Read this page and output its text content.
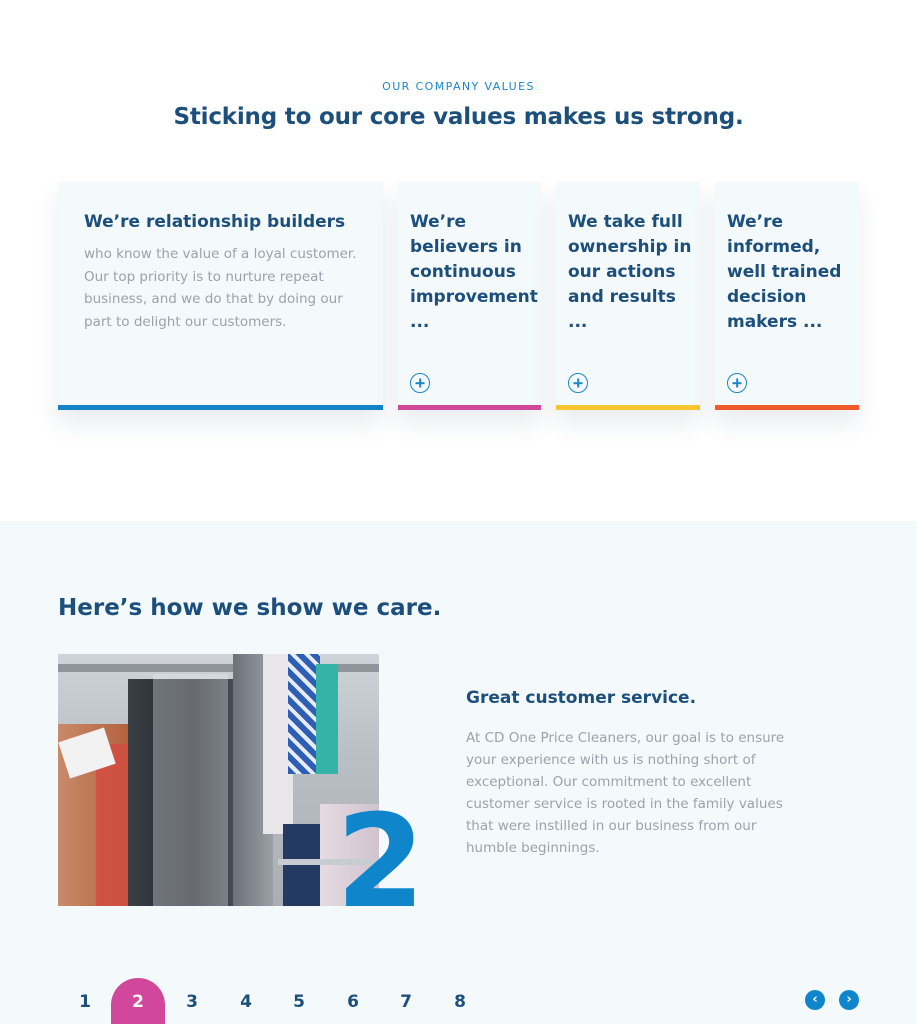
OUR COMPANY VALUES
Sticking to our core values makes us strong.
We’re relationship builders

who know the value of a loyal customer. Our top priority is to nurture repeat business, and we do that by doing our part to delight our customers.

We’re believers in continuous improvement ...
We take full ownership in our actions and results ...
We’re informed, well trained decision makers ...
Here’s how we show we care.
2
Great customer service.

At CD One Price Cleaners, our goal is to ensure your experience with us is nothing short of exceptional. Our commitment to excellent customer service is rooted in the family values that were instilled in our business from our humble beginnings.

1	2	3	4	5	6	7	8	‹	›
